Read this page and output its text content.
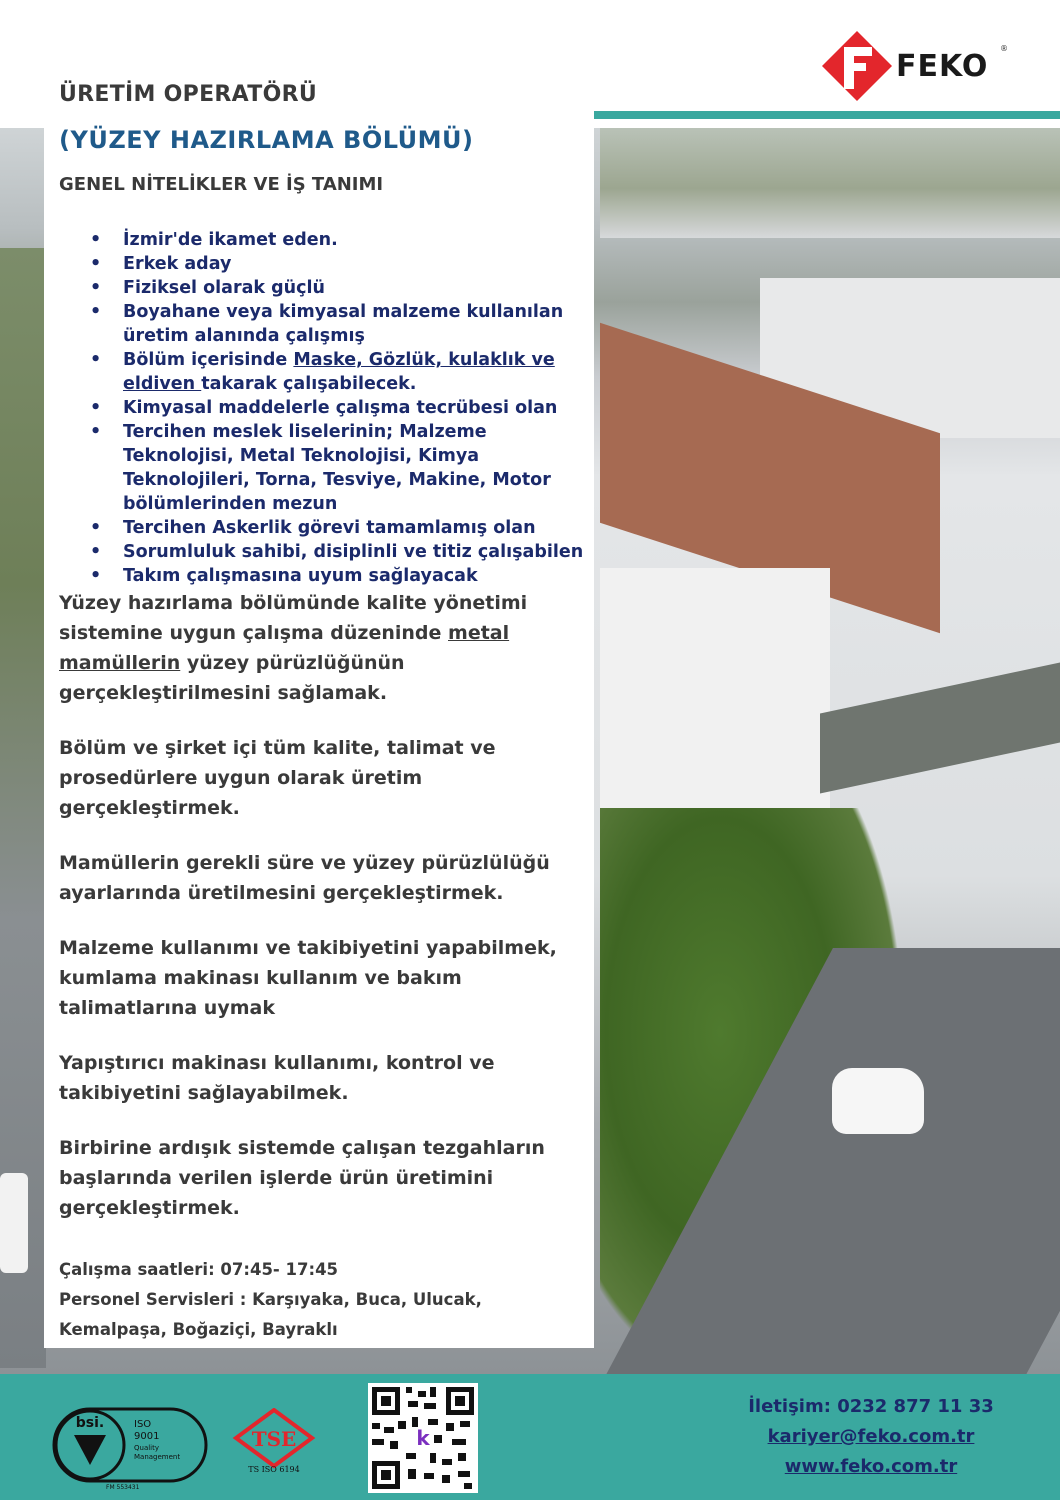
FEKO ®
ÜRETİM OPERATÖRÜ
(YÜZEY HAZIRLAMA BÖLÜMÜ)
GENEL NİTELİKLER VE İŞ TANIMI
• İzmir'de ikamet eden.
• Erkek aday
• Fiziksel olarak güçlü
• Boyahane veya kimyasal malzeme kullanılan üretim alanında çalışmış
• Bölüm içerisinde Maske, Gözlük, kulaklık ve eldiven takarak çalışabilecek.
• Kimyasal maddelerle çalışma tecrübesi olan
• Tercihen meslek liselerinin; Malzeme Teknolojisi, Metal Teknolojisi, Kimya Teknolojileri, Torna, Tesviye, Makine, Motor bölümlerinden mezun
• Tercihen Askerlik görevi tamamlamış olan
• Sorumluluk sahibi, disiplinli ve titiz çalışabilen
• Takım çalışmasına uyum sağlayacak

Yüzey hazırlama bölümünde kalite yönetimi sistemine uygun çalışma düzeninde metal mamüllerin yüzey pürüzlüğünün gerçekleştirilmesini sağlamak.

Bölüm ve şirket içi tüm kalite, talimat ve prosedürlere uygun olarak üretim gerçekleştirmek.

Mamüllerin gerekli süre ve yüzey pürüzlülüğü ayarlarında üretilmesini gerçekleştirmek.

Malzeme kullanımı ve takibiyetini yapabilmek, kumlama makinası kullanım ve bakım talimatlarına uymak

Yapıştırıcı makinası kullanımı, kontrol ve takibiyetini sağlayabilmek.

Birbirine ardışık sistemde çalışan tezgahların başlarında verilen işlerde ürün üretimini gerçekleştirmek.

Çalışma saatleri: 07:45- 17:45

Personel Servisleri : Karşıyaka, Buca, Ulucak, Kemalpaşa, Boğaziçi, Bayraklı

bsi.	ISO
9001
Quality
Management
FM 553431
TSE
TS ISO 6194
k
İletişim: 0232 877 11 33
kariyer@feko.com.tr
www.feko.com.tr
